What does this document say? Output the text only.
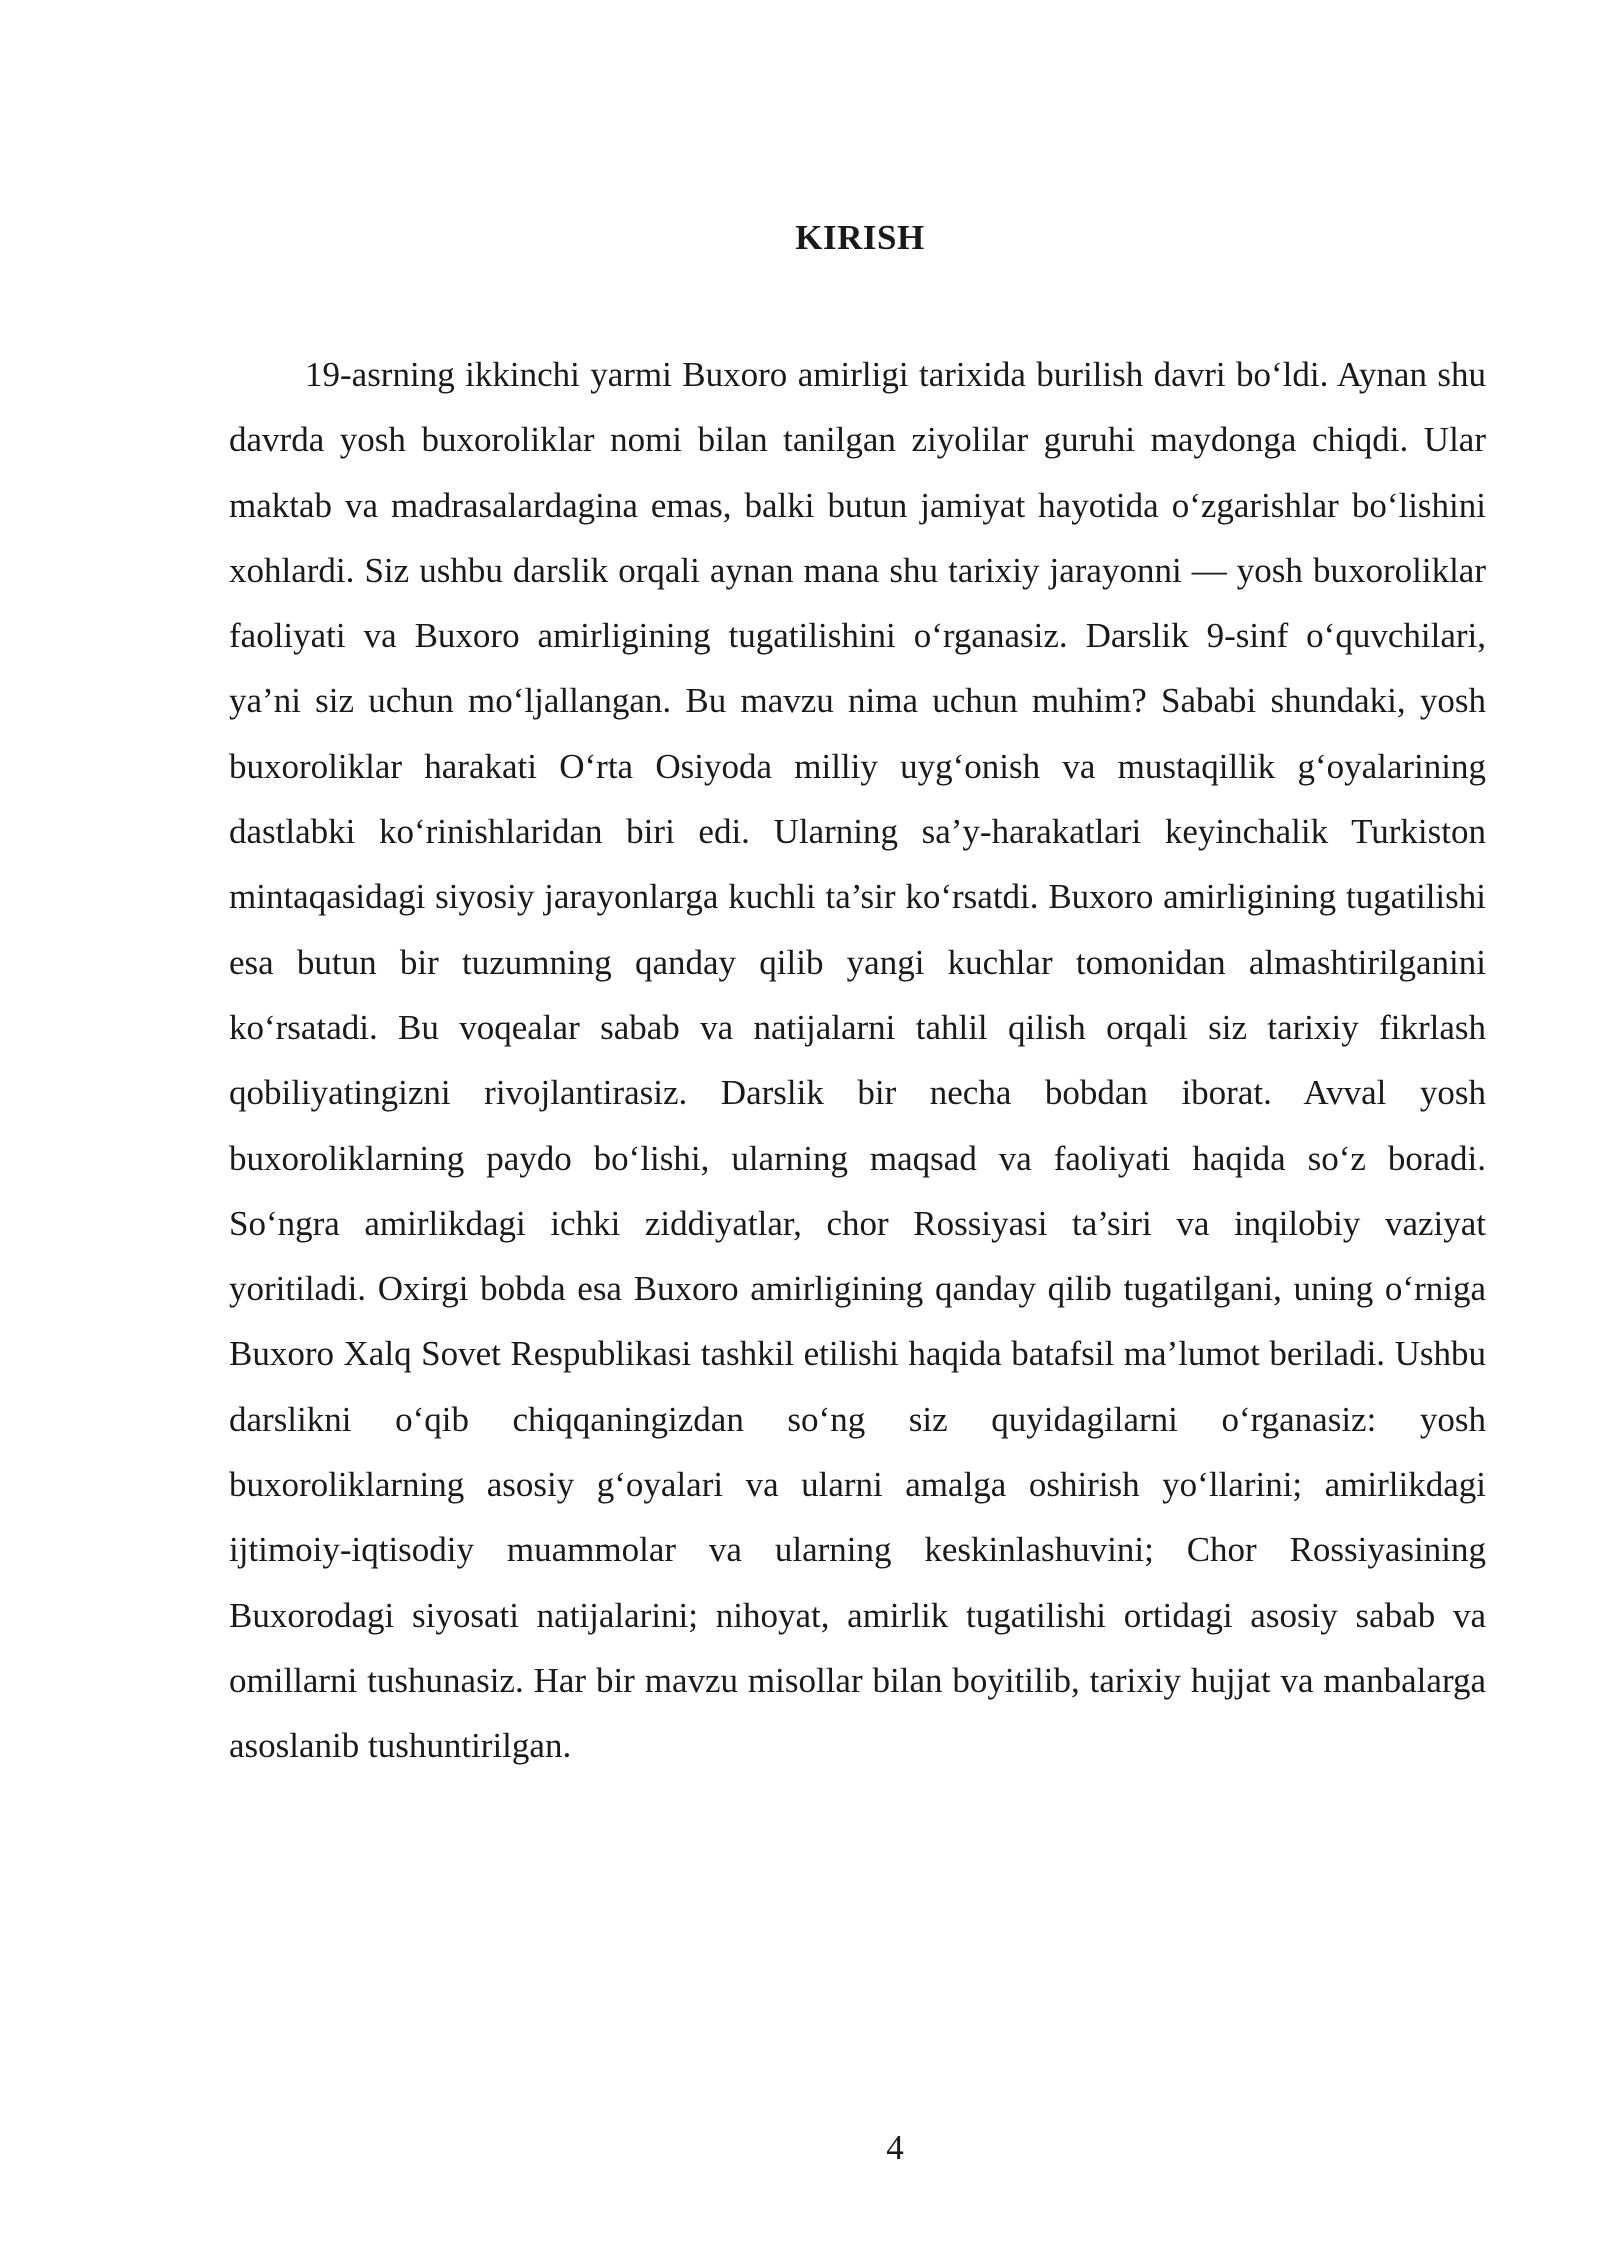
KIRISH

19-asrning ikkinchi yarmi Buxoro amirligi tarixida burilish davri bo‘ldi. Aynan shu davrda yosh buxoroliklar nomi bilan tanilgan ziyolilar guruhi maydonga chiqdi. Ular maktab va madrasalardagina emas, balki butun jamiyat hayotida o‘zgarishlar bo‘lishini xohlardi. Siz ushbu darslik orqali aynan mana shu tarixiy jarayonni — yosh buxoroliklar faoliyati va Buxoro amirligining tugatilishini o‘rganasiz. Darslik 9-sinf o‘quvchilari, ya’ni siz uchun mo‘ljallangan. Bu mavzu nima uchun muhim? Sababi shundaki, yosh buxoroliklar harakati O‘rta Osiyoda milliy uyg‘onish va mustaqillik g‘oyalarining dastlabki ko‘rinishlaridan biri edi. Ularning sa’y-harakatlari keyinchalik Turkiston mintaqasidagi siyosiy jarayonlarga kuchli ta’sir ko‘rsatdi. Buxoro amirligining tugatilishi esa butun bir tuzumning qanday qilib yangi kuchlar tomonidan almashtirilganini ko‘rsatadi. Bu voqealar sabab va natijalarni tahlil qilish orqali siz tarixiy fikrlash qobiliyatingizni rivojlantirasiz. Darslik bir necha bobdan iborat. Avval yosh buxoroliklarning paydo bo‘lishi, ularning maqsad va faoliyati haqida so‘z boradi. So‘ngra amirlikdagi ichki ziddiyatlar, chor Rossiyasi ta’siri va inqilobiy vaziyat yoritiladi. Oxirgi bobda esa Buxoro amirligining qanday qilib tugatilgani, uning o‘rniga Buxoro Xalq Sovet Respublikasi tashkil etilishi haqida batafsil ma’lumot beriladi. Ushbu darslikni o‘qib chiqqaningizdan so‘ng siz quyidagilarni o‘rganasiz: yosh buxoroliklarning asosiy g‘oyalari va ularni amalga oshirish yo‘llarini; amirlikdagi ijtimoiy-iqtisodiy muammolar va ularning keskinlashuvini; Chor Rossiyasining Buxorodagi siyosati natijalarini; nihoyat, amirlik tugatilishi ortidagi asosiy sabab va omillarni tushunasiz. Har bir mavzu misollar bilan boyitilib, tarixiy hujjat va manbalarga asoslanib tushuntirilgan.

4
